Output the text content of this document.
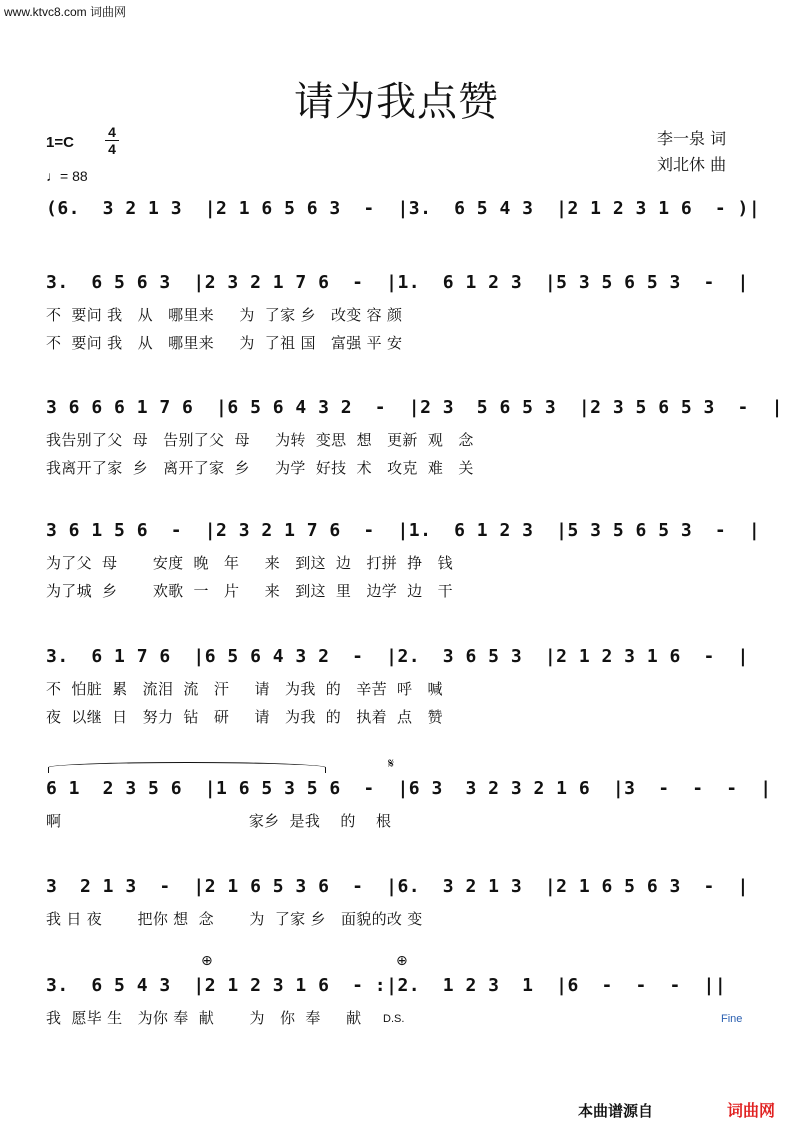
www.ktvc8.com 词曲网
请为我点赞
1=C
4
4
♩= 88
李一泉 词
刘北休 曲
(6.  3 2 1 3  |2 1 6 5 6 3  -  |3.  6 5 4 3  |2 1 2 3 1 6  - )|
3.  6 5 6 3  |2 3 2 1 7 6  -  |1.  6 1 2 3  |5 3 5 6 5 3  -  |
不  要问 我   从   哪里来     为  了家 乡   改变 容 颜
不  要问 我   从   哪里来     为  了祖 国   富强 平 安
3 6 6 6 1 7 6  |6 5 6 4 3 2  -  |2 3  5 6 5 3  |2 3 5 6 5 3  -  |
我告别了父  母   告别了父  母     为转  变思  想   更新  观   念
我离开了家  乡   离开了家  乡     为学  好技  术   攻克  难   关
3 6 1 5 6  -  |2 3 2 1 7 6  -  |1.  6 1 2 3  |5 3 5 6 5 3  -  |
为了父  母       安度  晚   年     来   到这  边   打拼  挣   钱
为了城  乡       欢歌  一   片     来   到这  里   边学  边   干
3.  6 1 7 6  |6 5 6 4 3 2  -  |2.  3 6 5 3  |2 1 2 3 1 6  -  |
不  怕脏  累   流泪  流   汗     请   为我  的   辛苦  呼   喊
夜  以继  日   努力  钻   研     请   为我  的   执着  点   赞
𝄋
6 1  2 3 5 6  |1 6 5 3 5 6  -  |6 3  3 2 3 2 1 6  |3  -  -  -  |
啊                                     家乡  是我    的    根
3  2 1 3  -  |2 1 6 5 3 6  -  |6.  3 2 1 3  |2 1 6 5 6 3  -  |
我 日 夜       把你 想  念       为  了家 乡   面貌的改 变
⊕	⊕
3.  6 5 4 3  |2 1 2 3 1 6  - :|2.  1 2 3  1  |6  -  -  -  ||
我  愿毕 生   为你 奉  献       为   你  奉     献 D.S.	Fine
本曲谱源自	词曲网
